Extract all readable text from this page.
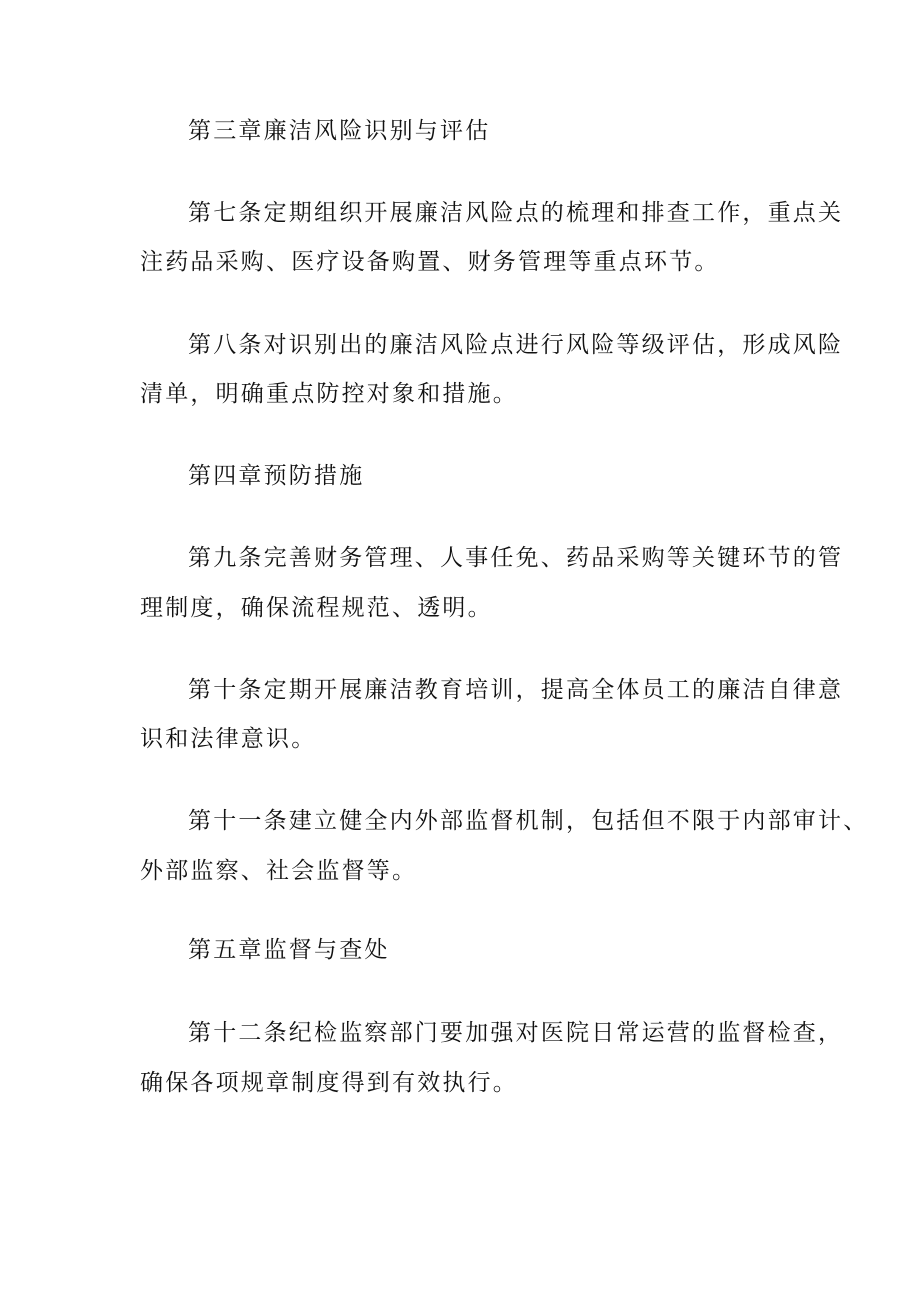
第三章廉洁风险识别与评估
第七条定期组织开展廉洁风险点的梳理和排查工作，重点关
注药品采购、医疗设备购置、财务管理等重点环节。
第八条对识别出的廉洁风险点进行风险等级评估，形成风险
清单，明确重点防控对象和措施。
第四章预防措施
第九条完善财务管理、人事任免、药品采购等关键环节的管
理制度，确保流程规范、透明。
第十条定期开展廉洁教育培训，提高全体员工的廉洁自律意
识和法律意识。
第十一条建立健全内外部监督机制，包括但不限于内部审计、
外部监察、社会监督等。
第五章监督与查处
第十二条纪检监察部门要加强对医院日常运营的监督检查，
确保各项规章制度得到有效执行。
